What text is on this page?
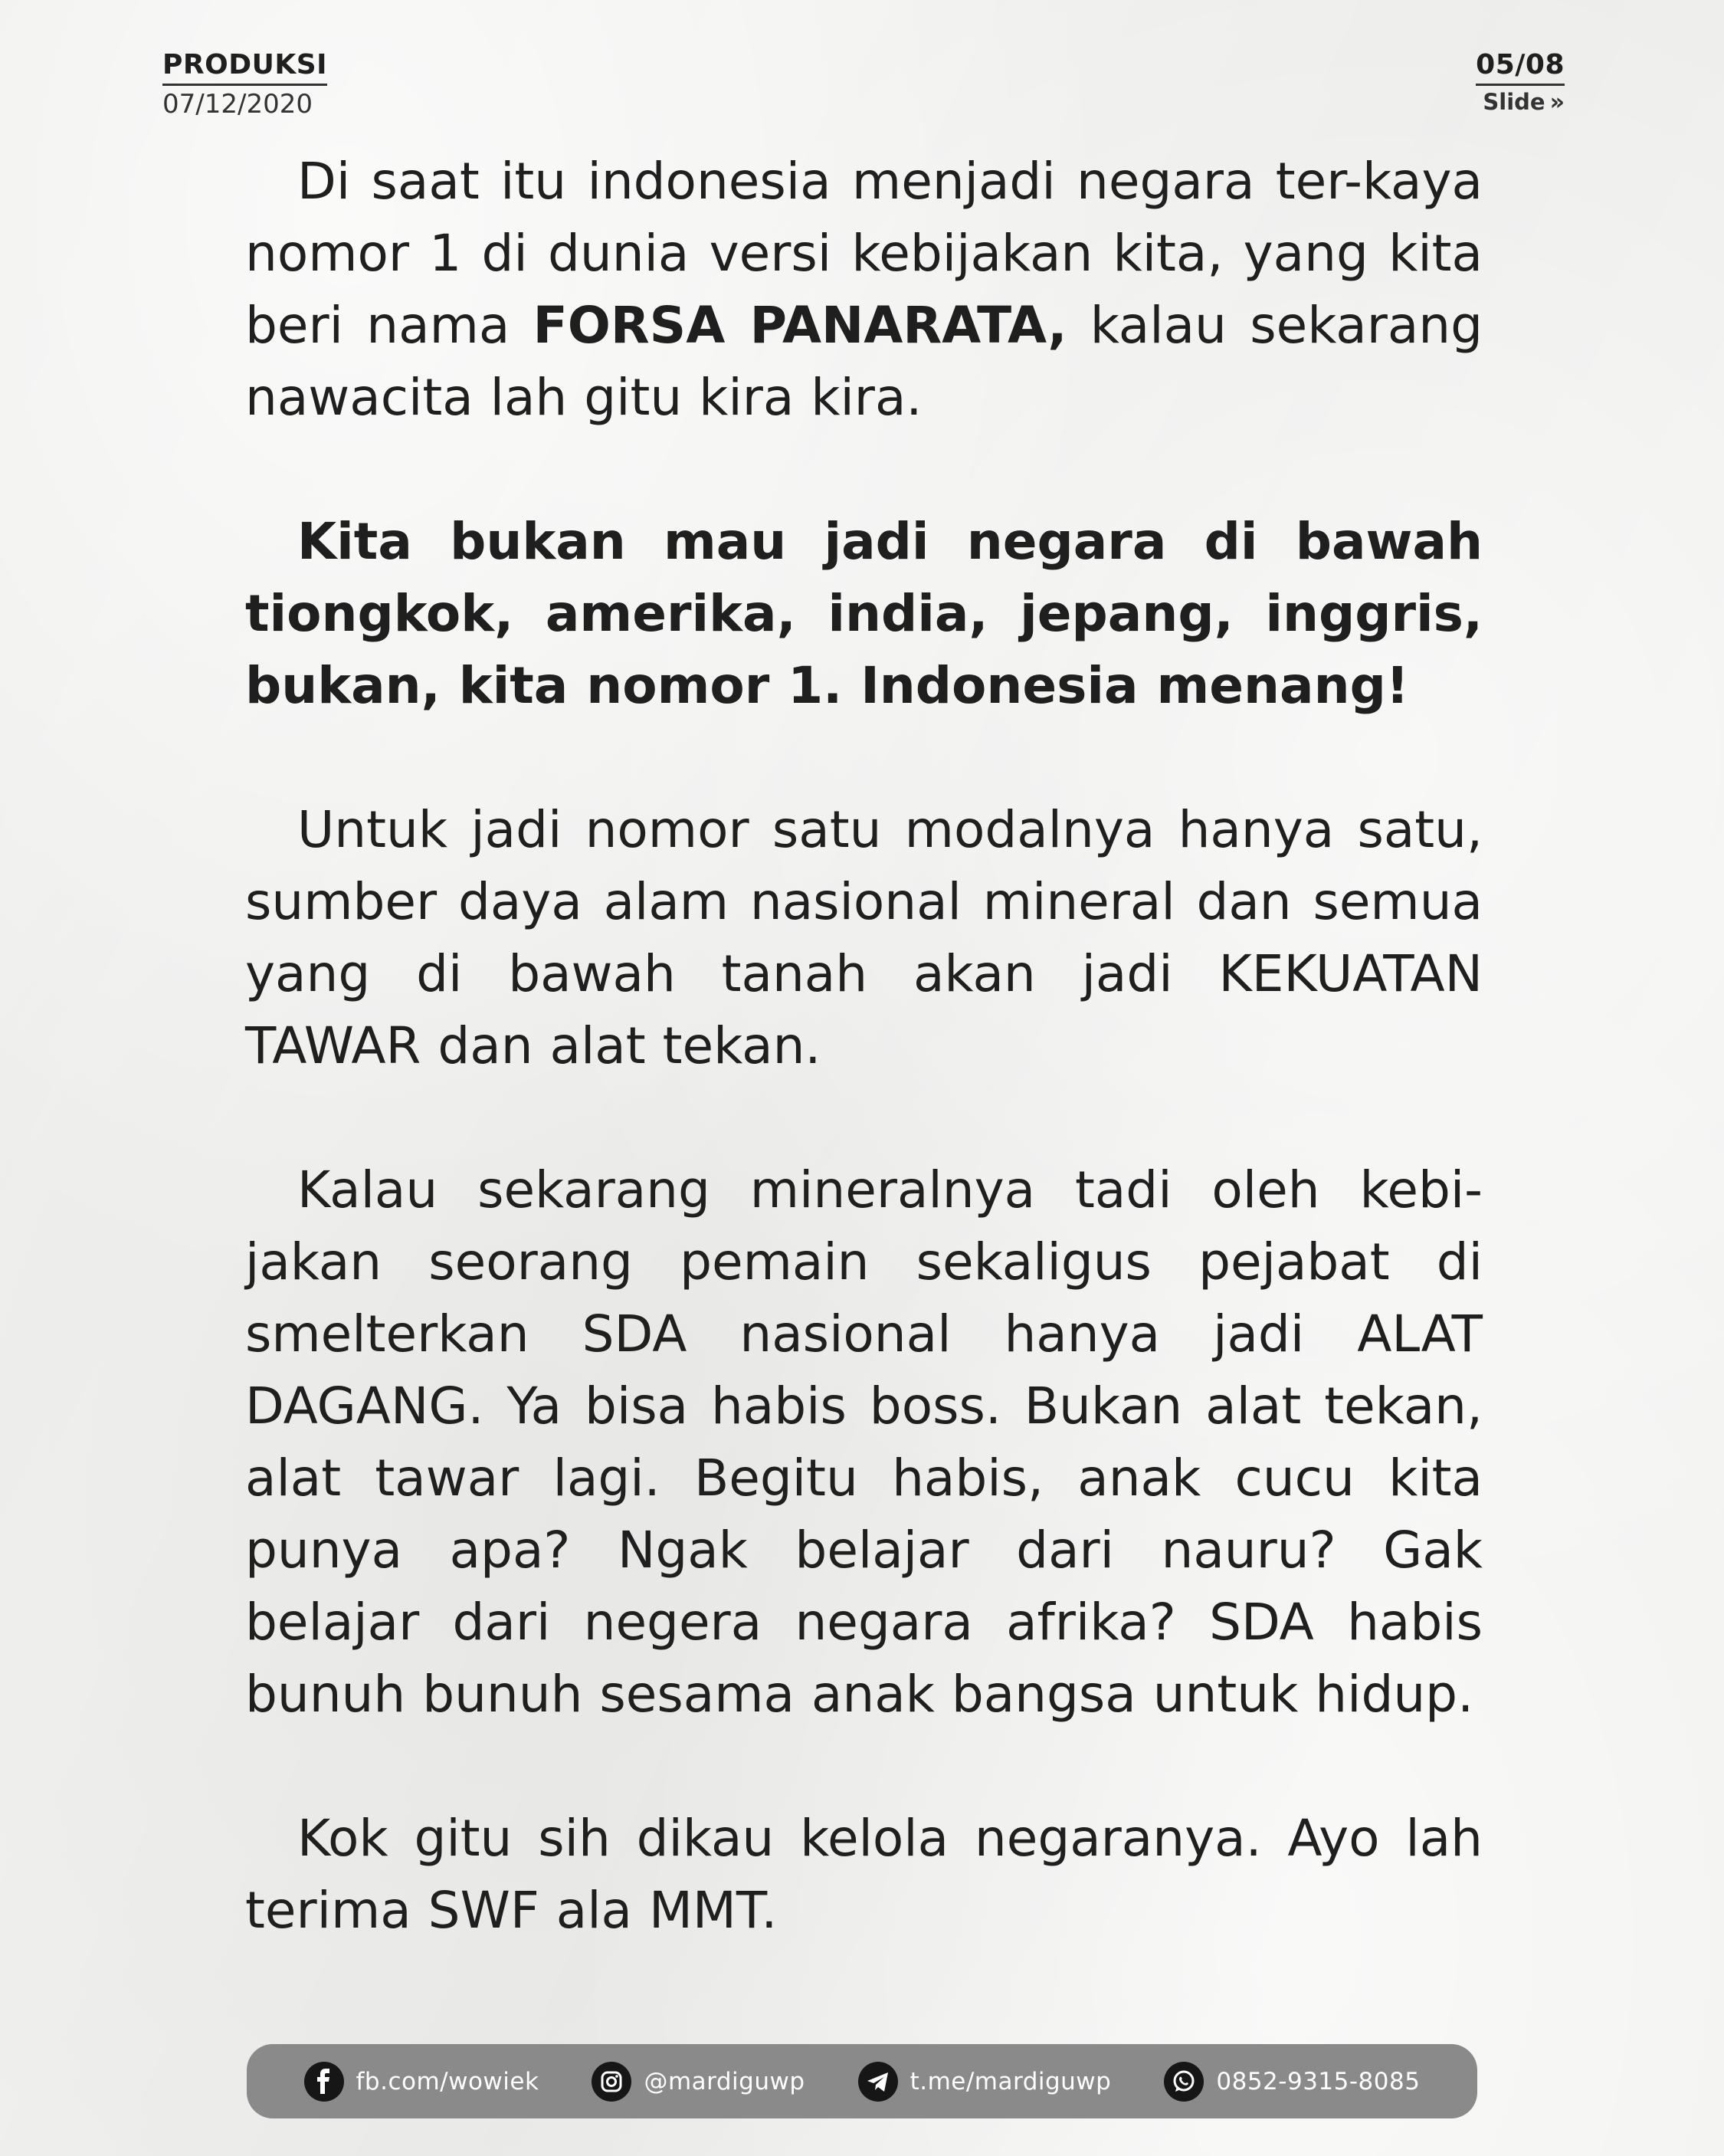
PRODUKSI
07/12/2020
05/08
Slide »

Di saat itu indonesia menjadi negara ter-kaya nomor 1 di dunia versi kebijakan kita, yang kita beri nama FORSA PANARATA, kalau sekarang nawacita lah gitu kira kira.

Kita bukan mau jadi negara di bawah tiongkok, amerika, india, jepang, inggris, bukan, kita nomor 1. Indonesia menang!

Untuk jadi nomor satu modalnya hanya satu, sumber daya alam nasional mineral dan semua yang di bawah tanah akan jadi KEKUATAN TAWAR dan alat tekan.

Kalau sekarang mineralnya tadi oleh kebi-jakan seorang pemain sekaligus pejabat di smelterkan SDA nasional hanya jadi ALAT DAGANG. Ya bisa habis boss. Bukan alat tekan, alat tawar lagi. Begitu habis, anak cucu kita punya apa? Ngak belajar dari nauru? Gak belajar dari negera negara afrika? SDA habis bunuh bunuh sesama anak bangsa untuk hidup.

Kok gitu sih dikau kelola negaranya. Ayo lah terima SWF ala MMT.

fb.com/wowiek	@mardiguwp	t.me/mardiguwp	0852-9315-8085
